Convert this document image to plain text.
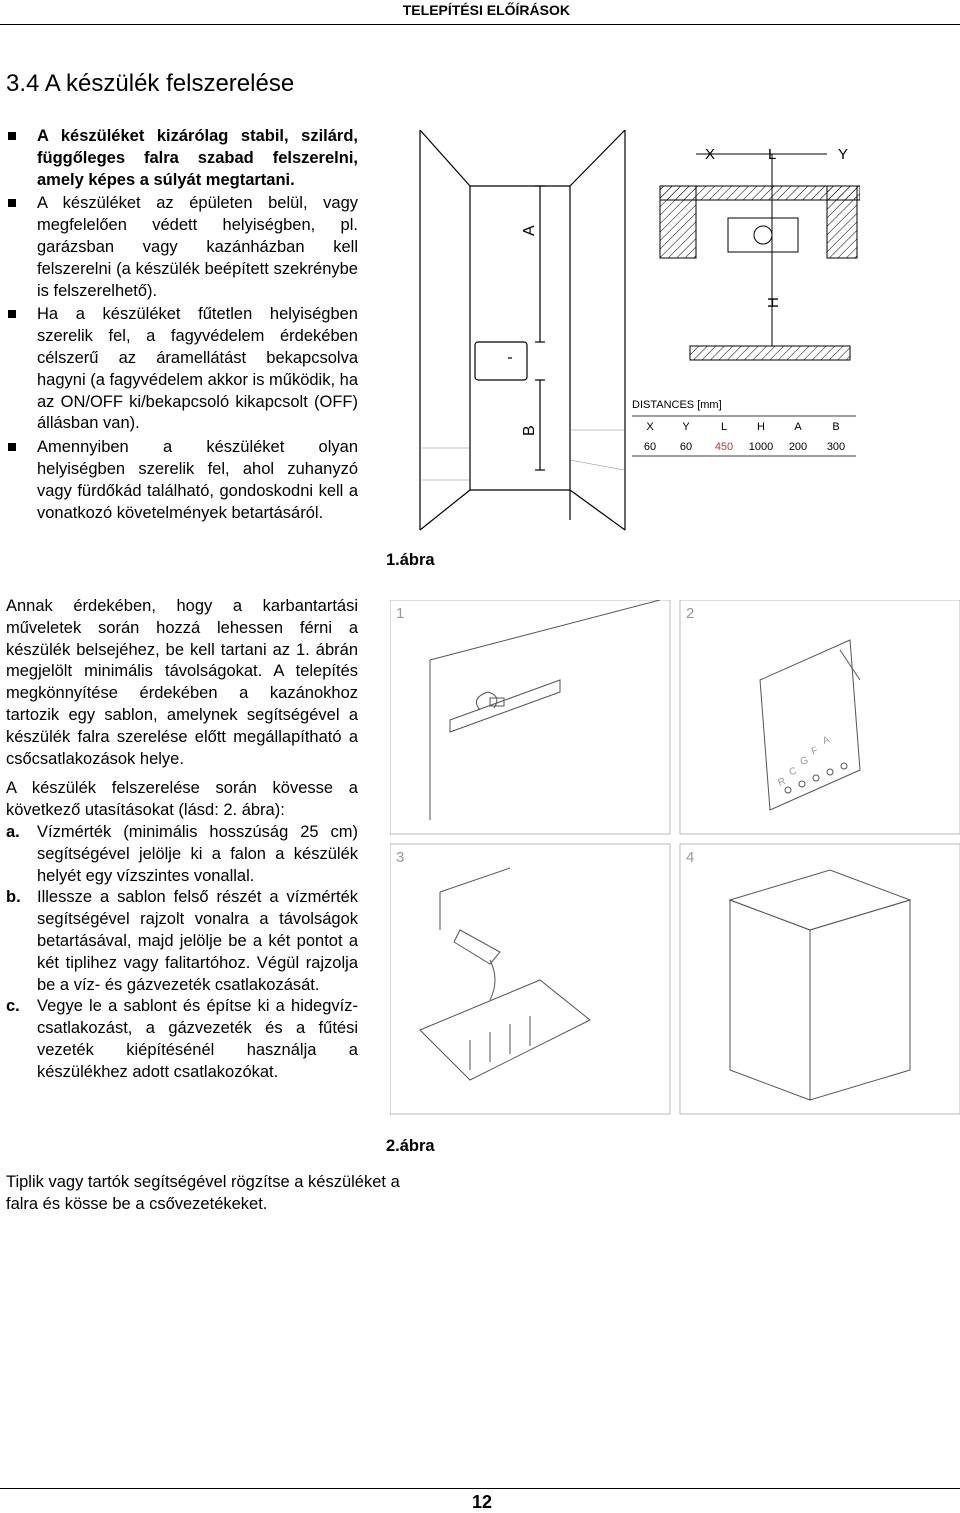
TELEPÍTÉSI ELŐÍRÁSOK
3.4 A készülék felszerelése
A készüléket kizárólag stabil, szilárd, függőleges falra szabad felszerelni, amely képes a súlyát megtartani.
A készüléket az épületen belül, vagy megfelelően védett helyiségben, pl. garázsban vagy kazánházban kell felszerelni (a készülék beépített szekrénybe is felszerelhető).
Ha a készüléket fűtetlen helyiségben szerelik fel, a fagyvédelem érdekében célszerű az áramellátást bekapcsolva hagyni (a fagyvédelem akkor is működik, ha az ON/OFF ki/bekapcsoló kikapcsolt (OFF) állásban van).
Amennyiben a készüléket olyan helyiségben szerelik fel, ahol zuhanyzó vagy fürdőkád található, gondoskodni kell a vonatkozó követelmények betartásáról.
A
B
X	L	Y
H
DISTANCES [mm]
X	Y	L	H	A	B
60 60 450 1000 200 300
1.ábra

Annak érdekében, hogy a karbantartási műveletek során hozzá lehessen férni a készülék belsejéhez, be kell tartani az 1. ábrán megjelölt minimális távolságokat. A telepítés megkönnyítése érdekében a kazánokhoz tartozik egy sablon, amelynek segítségével a készülék falra szerelése előtt megállapítható a csőcsatlakozások helye.

A készülék felszerelése során kövesse a következő utasításokat (lásd: 2. ábra):

a. Vízmérték (minimális hosszúság 25 cm) segítségével jelölje ki a falon a készülék helyét egy vízszintes vonallal.
b. Illessze a sablon felső részét a vízmérték segítségével rajzolt vonalra a távolságok betartásával, majd jelölje be a két pontot a két tiplihez vagy falitartóhoz. Végül rajzolja be a víz- és gázvezeték csatlakozását.
c. Vegye le a sablont és építse ki a hidegvíz-csatlakozást, a gázvezeték és a fűtési vezeték kiépítésénél használja a készülékhez adott csatlakozókat.
1	2
3	4
R
C
G
F
A
2.ábra
Tiplik vagy tartók segítségével rögzítse a készüléket a falra és kösse be a csővezetékeket.
12
